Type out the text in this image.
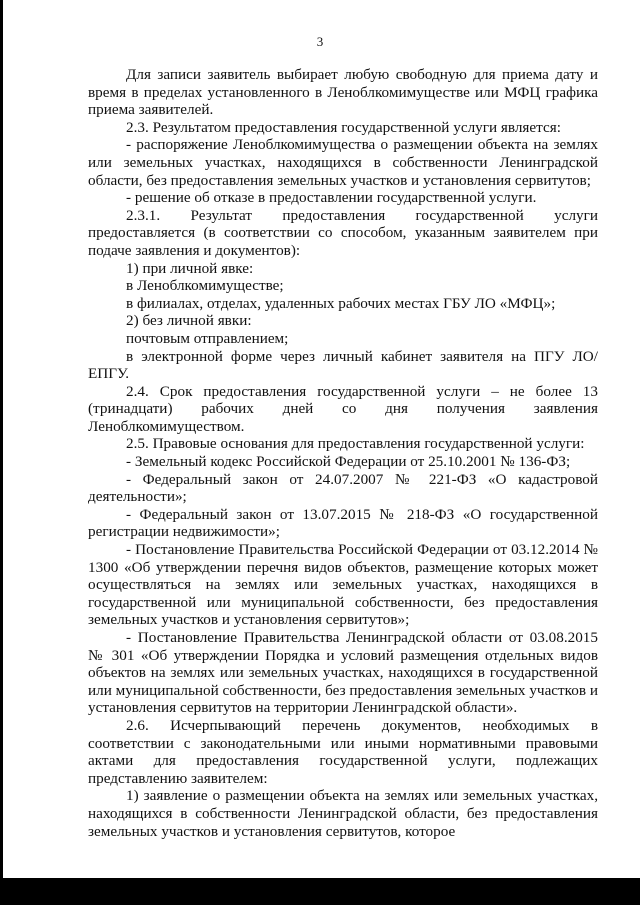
3

Для записи заявитель выбирает любую свободную для приема дату и время в пределах установленного в Леноблкомимуществе или МФЦ графика приема заявителей.

2.3. Результатом предоставления государственной услуги является:

- распоряжение Леноблкомимущества о размещении объекта на землях или земельных участках, находящихся в собственности Ленинградской области, без предоставления земельных участков и установления сервитутов;

- решение об отказе в предоставлении государственной услуги.

2.3.1. Результат предоставления государственной услуги предоставляется (в соответствии со способом, указанным заявителем при подаче заявления и документов):

1) при личной явке:

в Леноблкомимуществе;

в филиалах, отделах, удаленных рабочих местах ГБУ ЛО «МФЦ»;

2) без личной явки:

почтовым отправлением;

в электронной форме через личный кабинет заявителя на ПГУ ЛО/ЕПГУ.

2.4. Срок предоставления государственной услуги – не более 13 (тринадцати) рабочих дней со дня получения заявления Леноблкомимуществом.

2.5. Правовые основания для предоставления государственной услуги:

- Земельный кодекс Российской Федерации от 25.10.2001 № 136-ФЗ;

- Федеральный закон от 24.07.2007 № 221-ФЗ «О кадастровой деятельности»;

- Федеральный закон от 13.07.2015 № 218-ФЗ «О государственной регистрации недвижимости»;

- Постановление Правительства Российской Федерации от 03.12.2014 № 1300 «Об утверждении перечня видов объектов, размещение которых может осуществляться на землях или земельных участках, находящихся в государственной или муниципальной собственности, без предоставления земельных участков и установления сервитутов»;

- Постановление Правительства Ленинградской области от 03.08.2015 № 301 «Об утверждении Порядка и условий размещения отдельных видов объектов на землях или земельных участках, находящихся в государственной или муниципальной собственности, без предоставления земельных участков и установления сервитутов на территории Ленинградской области».

2.6. Исчерпывающий перечень документов, необходимых в соответствии с законодательными или иными нормативными правовыми актами для предоставления государственной услуги, подлежащих представлению заявителем:

1) заявление о размещении объекта на землях или земельных участках, находящихся в собственности Ленинградской области, без предоставления земельных участков и установления сервитутов, которое
